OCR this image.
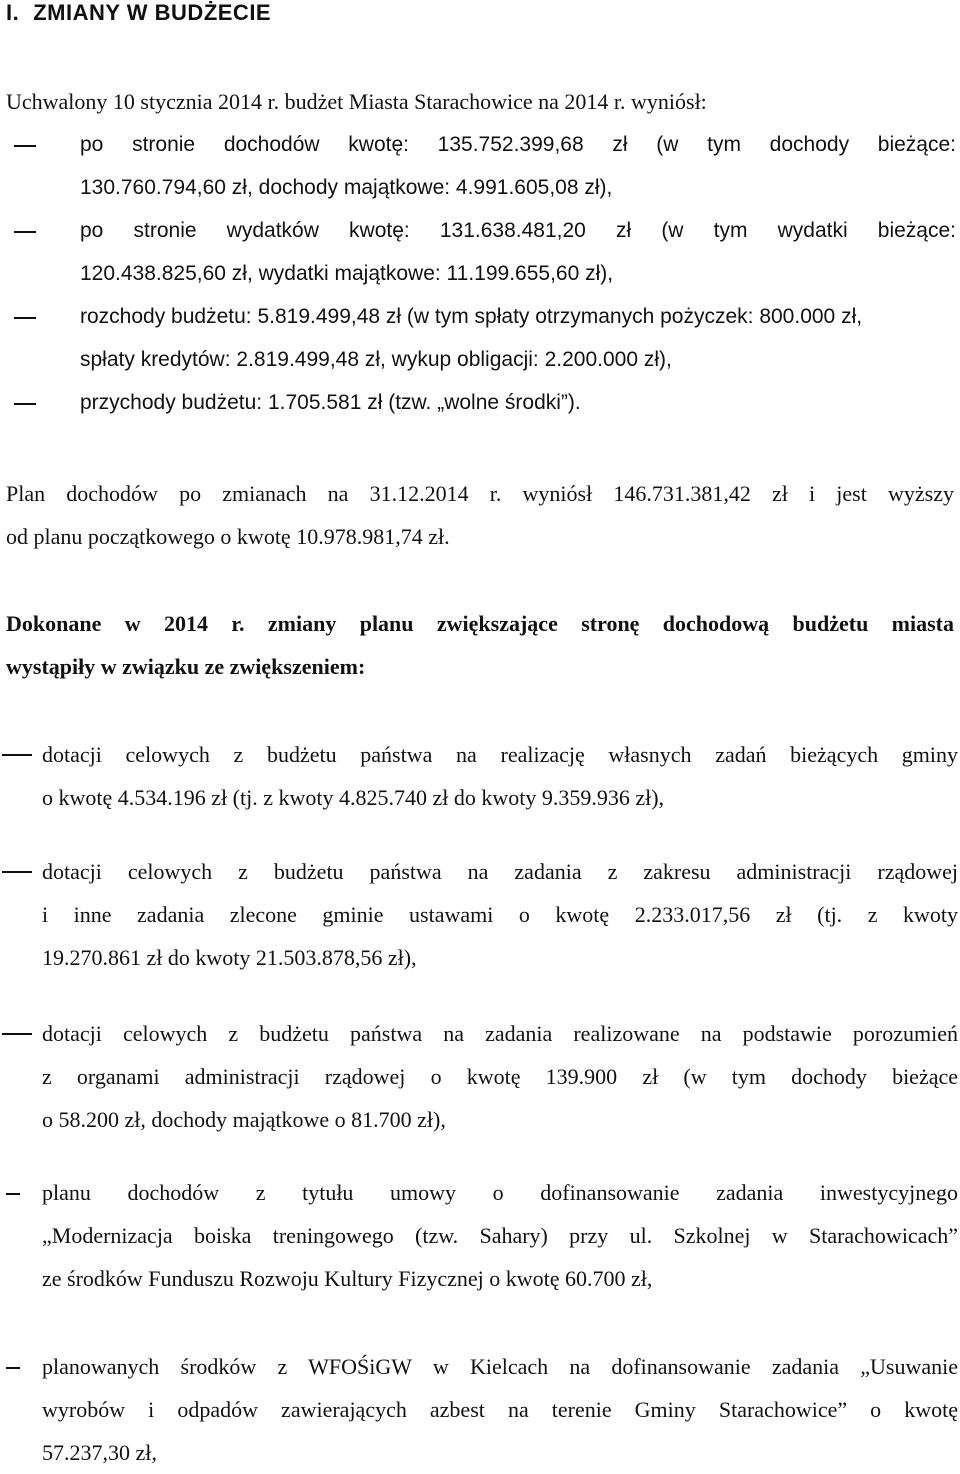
I. ZMIANY W BUDŻECIE
Uchwalony 10 stycznia 2014 r. budżet Miasta Starachowice na 2014 r. wyniósł:
po stronie dochodów kwotę: 135.752.399,68 zł (w tym dochody bieżące:
130.760.794,60 zł, dochody majątkowe: 4.991.605,08 zł),
po stronie wydatków kwotę: 131.638.481,20 zł (w tym wydatki bieżące:
120.438.825,60 zł, wydatki majątkowe: 11.199.655,60 zł),
rozchody budżetu: 5.819.499,48 zł (w tym spłaty otrzymanych pożyczek: 800.000 zł,
spłaty kredytów: 2.819.499,48 zł, wykup obligacji: 2.200.000 zł),
przychody budżetu: 1.705.581 zł (tzw. „wolne środki”).
Plan dochodów po zmianach na 31.12.2014 r. wyniósł 146.731.381,42 zł i jest wyższy
od planu początkowego o kwotę 10.978.981,74 zł.
Dokonane w 2014 r. zmiany planu zwiększające stronę dochodową budżetu miasta
wystąpiły w związku ze zwiększeniem:
dotacji celowych z budżetu państwa na realizację własnych zadań bieżących gminy
o kwotę 4.534.196 zł (tj. z kwoty 4.825.740 zł do kwoty 9.359.936 zł),
dotacji celowych z budżetu państwa na zadania z zakresu administracji rządowej
i inne zadania zlecone gminie ustawami o kwotę 2.233.017,56 zł (tj. z kwoty
19.270.861 zł do kwoty 21.503.878,56 zł),
dotacji celowych z budżetu państwa na zadania realizowane na podstawie porozumień
z organami administracji rządowej o kwotę 139.900 zł (w tym dochody bieżące
o 58.200 zł, dochody majątkowe o 81.700 zł),
planu dochodów z tytułu umowy o dofinansowanie zadania inwestycyjnego
„Modernizacja boiska treningowego (tzw. Sahary) przy ul. Szkolnej w Starachowicach”
ze środków Funduszu Rozwoju Kultury Fizycznej o kwotę 60.700 zł,
planowanych środków z WFOŚiGW w Kielcach na dofinansowanie zadania „Usuwanie
wyrobów i odpadów zawierających azbest na terenie Gminy Starachowice” o kwotę
57.237,30 zł,
